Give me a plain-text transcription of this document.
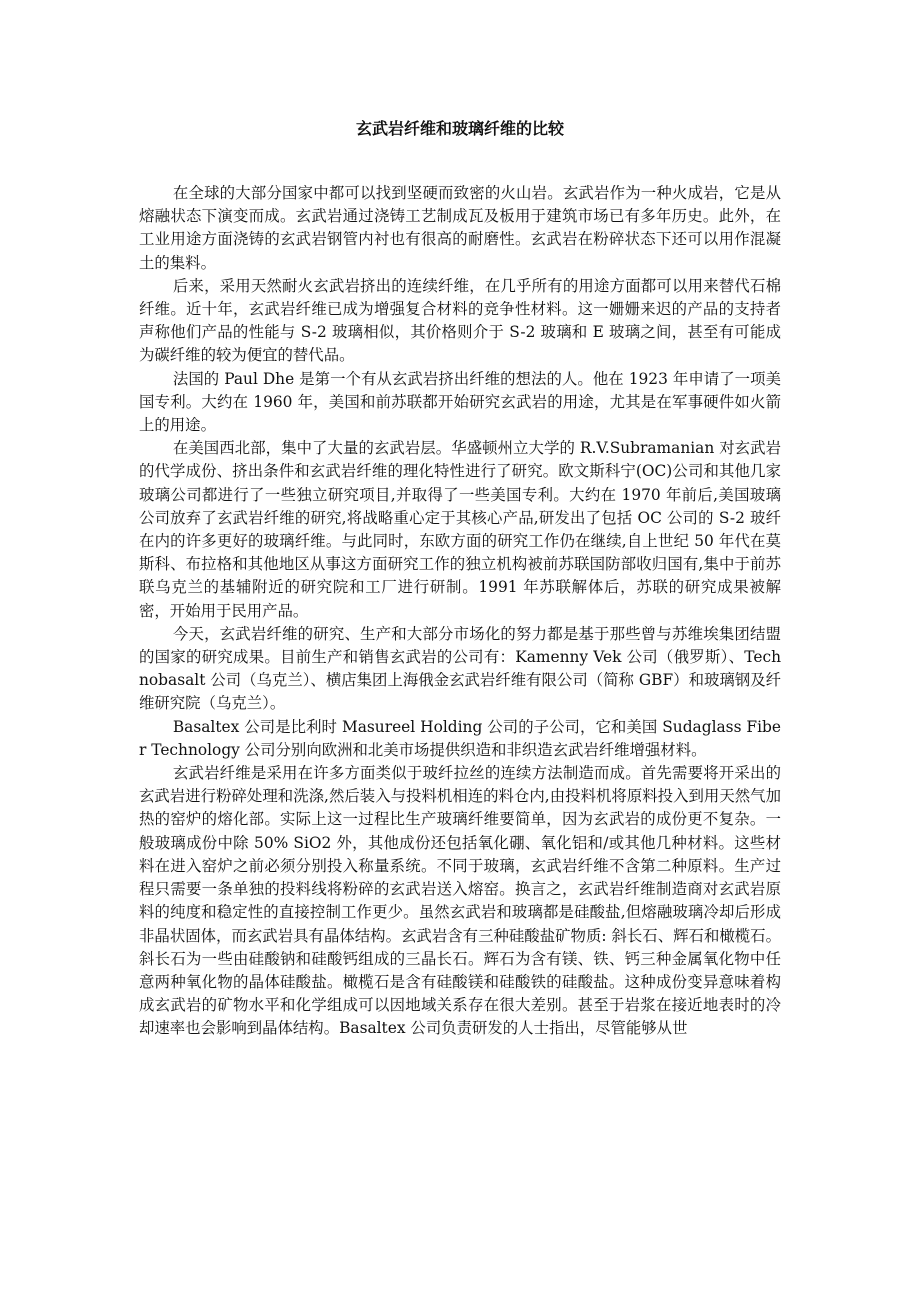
玄武岩纤维和玻璃纤维的比较

在全球的大部分国家中都可以找到坚硬而致密的火山岩。玄武岩作为一种火成岩，它是从熔融状态下演变而成。玄武岩通过浇铸工艺制成瓦及板用于建筑市场已有多年历史。此外，在工业用途方面浇铸的玄武岩钢管内衬也有很高的耐磨性。玄武岩在粉碎状态下还可以用作混凝土的集料。

后来，采用天然耐火玄武岩挤出的连续纤维，在几乎所有的用途方面都可以用来替代石棉纤维。近十年，玄武岩纤维已成为增强复合材料的竞争性材料。这一姗姗来迟的产品的支持者声称他们产品的性能与 S-2 玻璃相似，其价格则介于 S-2 玻璃和 E 玻璃之间，甚至有可能成为碳纤维的较为便宜的替代品。

法国的 Paul Dhe 是第一个有从玄武岩挤出纤维的想法的人。他在 1923 年申请了一项美国专利。大约在 1960 年，美国和前苏联都开始研究玄武岩的用途，尤其是在军事硬件如火箭上的用途。

在美国西北部，集中了大量的玄武岩层。华盛顿州立大学的 R.V.Subramanian 对玄武岩的代学成份、挤出条件和玄武岩纤维的理化特性进行了研究。欧文斯科宁(OC)公司和其他几家玻璃公司都进行了一些独立研究项目,并取得了一些美国专利。大约在 1970 年前后,美国玻璃公司放弃了玄武岩纤维的研究,将战略重心定于其核心产品,研发出了包括 OC 公司的 S-2 玻纤在内的许多更好的玻璃纤维。与此同时，东欧方面的研究工作仍在继续,自上世纪 50 年代在莫斯科、布拉格和其他地区从事这方面研究工作的独立机构被前苏联国防部收归国有,集中于前苏联乌克兰的基辅附近的研究院和工厂进行研制。1991 年苏联解体后，苏联的研究成果被解密，开始用于民用产品。

今天，玄武岩纤维的研究、生产和大部分市场化的努力都是基于那些曾与苏维埃集团结盟的国家的研究成果。目前生产和销售玄武岩的公司有：Kamenny Vek 公司（俄罗斯）、Technobasalt 公司（乌克兰）、横店集团上海俄金玄武岩纤维有限公司（简称 GBF）和玻璃钢及纤维研究院（乌克兰）。

Basaltex 公司是比利时 Masureel Holding 公司的子公司，它和美国 Sudaglass Fiber Technology 公司分别向欧洲和北美市场提供织造和非织造玄武岩纤维增强材料。

玄武岩纤维是采用在许多方面类似于玻纤拉丝的连续方法制造而成。首先需要将开采出的玄武岩进行粉碎处理和洗涤,然后装入与投料机相连的料仓内,由投料机将原料投入到用天然气加热的窑炉的熔化部。实际上这一过程比生产玻璃纤维要简单，因为玄武岩的成份更不复杂。一般玻璃成份中除 50% SiO2 外，其他成份还包括氧化硼、氧化铝和/或其他几种材料。这些材料在进入窑炉之前必须分别投入称量系统。不同于玻璃，玄武岩纤维不含第二种原料。生产过程只需要一条单独的投料线将粉碎的玄武岩送入熔窑。换言之，玄武岩纤维制造商对玄武岩原料的纯度和稳定性的直接控制工作更少。虽然玄武岩和玻璃都是硅酸盐,但熔融玻璃冷却后形成非晶状固体，而玄武岩具有晶体结构。玄武岩含有三种硅酸盐矿物质: 斜长石、辉石和橄榄石。斜长石为一些由硅酸钠和硅酸钙组成的三晶长石。辉石为含有镁、铁、钙三种金属氧化物中任意两种氧化物的晶体硅酸盐。橄榄石是含有硅酸镁和硅酸铁的硅酸盐。这种成份变异意味着构成玄武岩的矿物水平和化学组成可以因地域关系存在很大差别。甚至于岩浆在接近地表时的冷却速率也会影响到晶体结构。Basaltex 公司负责研发的人士指出，尽管能够从世
